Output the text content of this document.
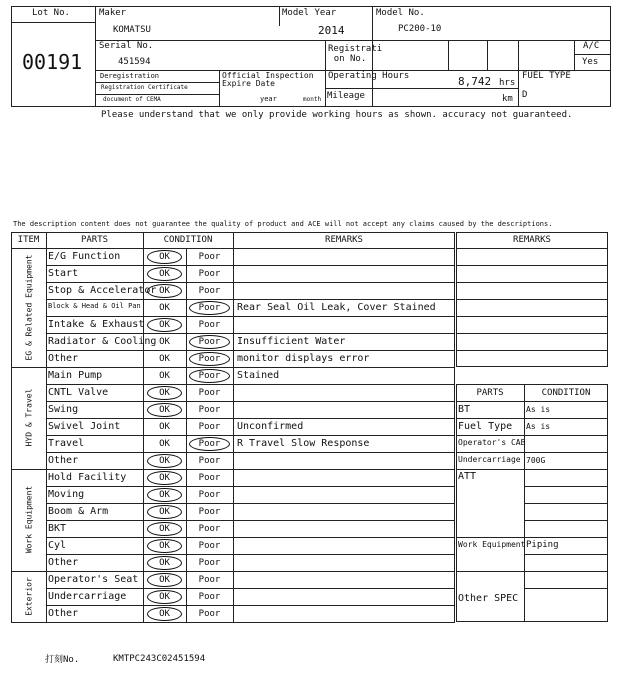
Lot No.
00191
Maker
KOMATSU
Model Year
2014
Model No.
PC200-10
Serial No.
451594
Registrati
on No.
A/C
Yes
Deregistration
Registration Certificate
document of CEMA
Official Inspection
Expire Date
year	month
Operating Hours	8,742 hrs
Mileage	km
FUEL TYPE
D
Please understand that we only provide working hours as shown. accuracy not guaranteed.
The description content does not guarantee the quality of product and ACE will not accept any claims caused by the descriptions.
ITEM	PARTS	CONDITION	REMARKS
EG & Related Equipment E/G Function	OK	Poor
Start	OK	Poor
Stop & Accelerator OK	Poor
Block & Head & Oil Pan	OK	Poor	Rear Seal Oil Leak, Cover Stained
Intake & Exhaust	OK	Poor
Radiator & Cooling OK	Poor	Insufficient Water
Other	OK	Poor	monitor displays error
HYD & Travel
Main Pump	OK	Poor	Stained
CNTL Valve	OK	Poor
Swing	OK	Poor
Swivel Joint	OK	Poor	Unconfirmed
Travel	OK	Poor	R Travel Slow Response
Other	OK	Poor
Work Equipment
Hold Facility	OK	Poor
Moving	OK	Poor
Boom & Arm	OK	Poor
BKT	OK	Poor
Cyl	OK	Poor
Other	OK	Poor
Exterior Operator's Seat	OK	Poor
Undercarriage	OK	Poor
Other	OK	Poor
REMARKS
PARTS	CONDITION
BT	As is
Fuel Type As is
Operator's CAB
Undercarriage 700G
ATT
Work Equipment Piping
Other SPEC
打刻No.	KMTPC243C02451594
